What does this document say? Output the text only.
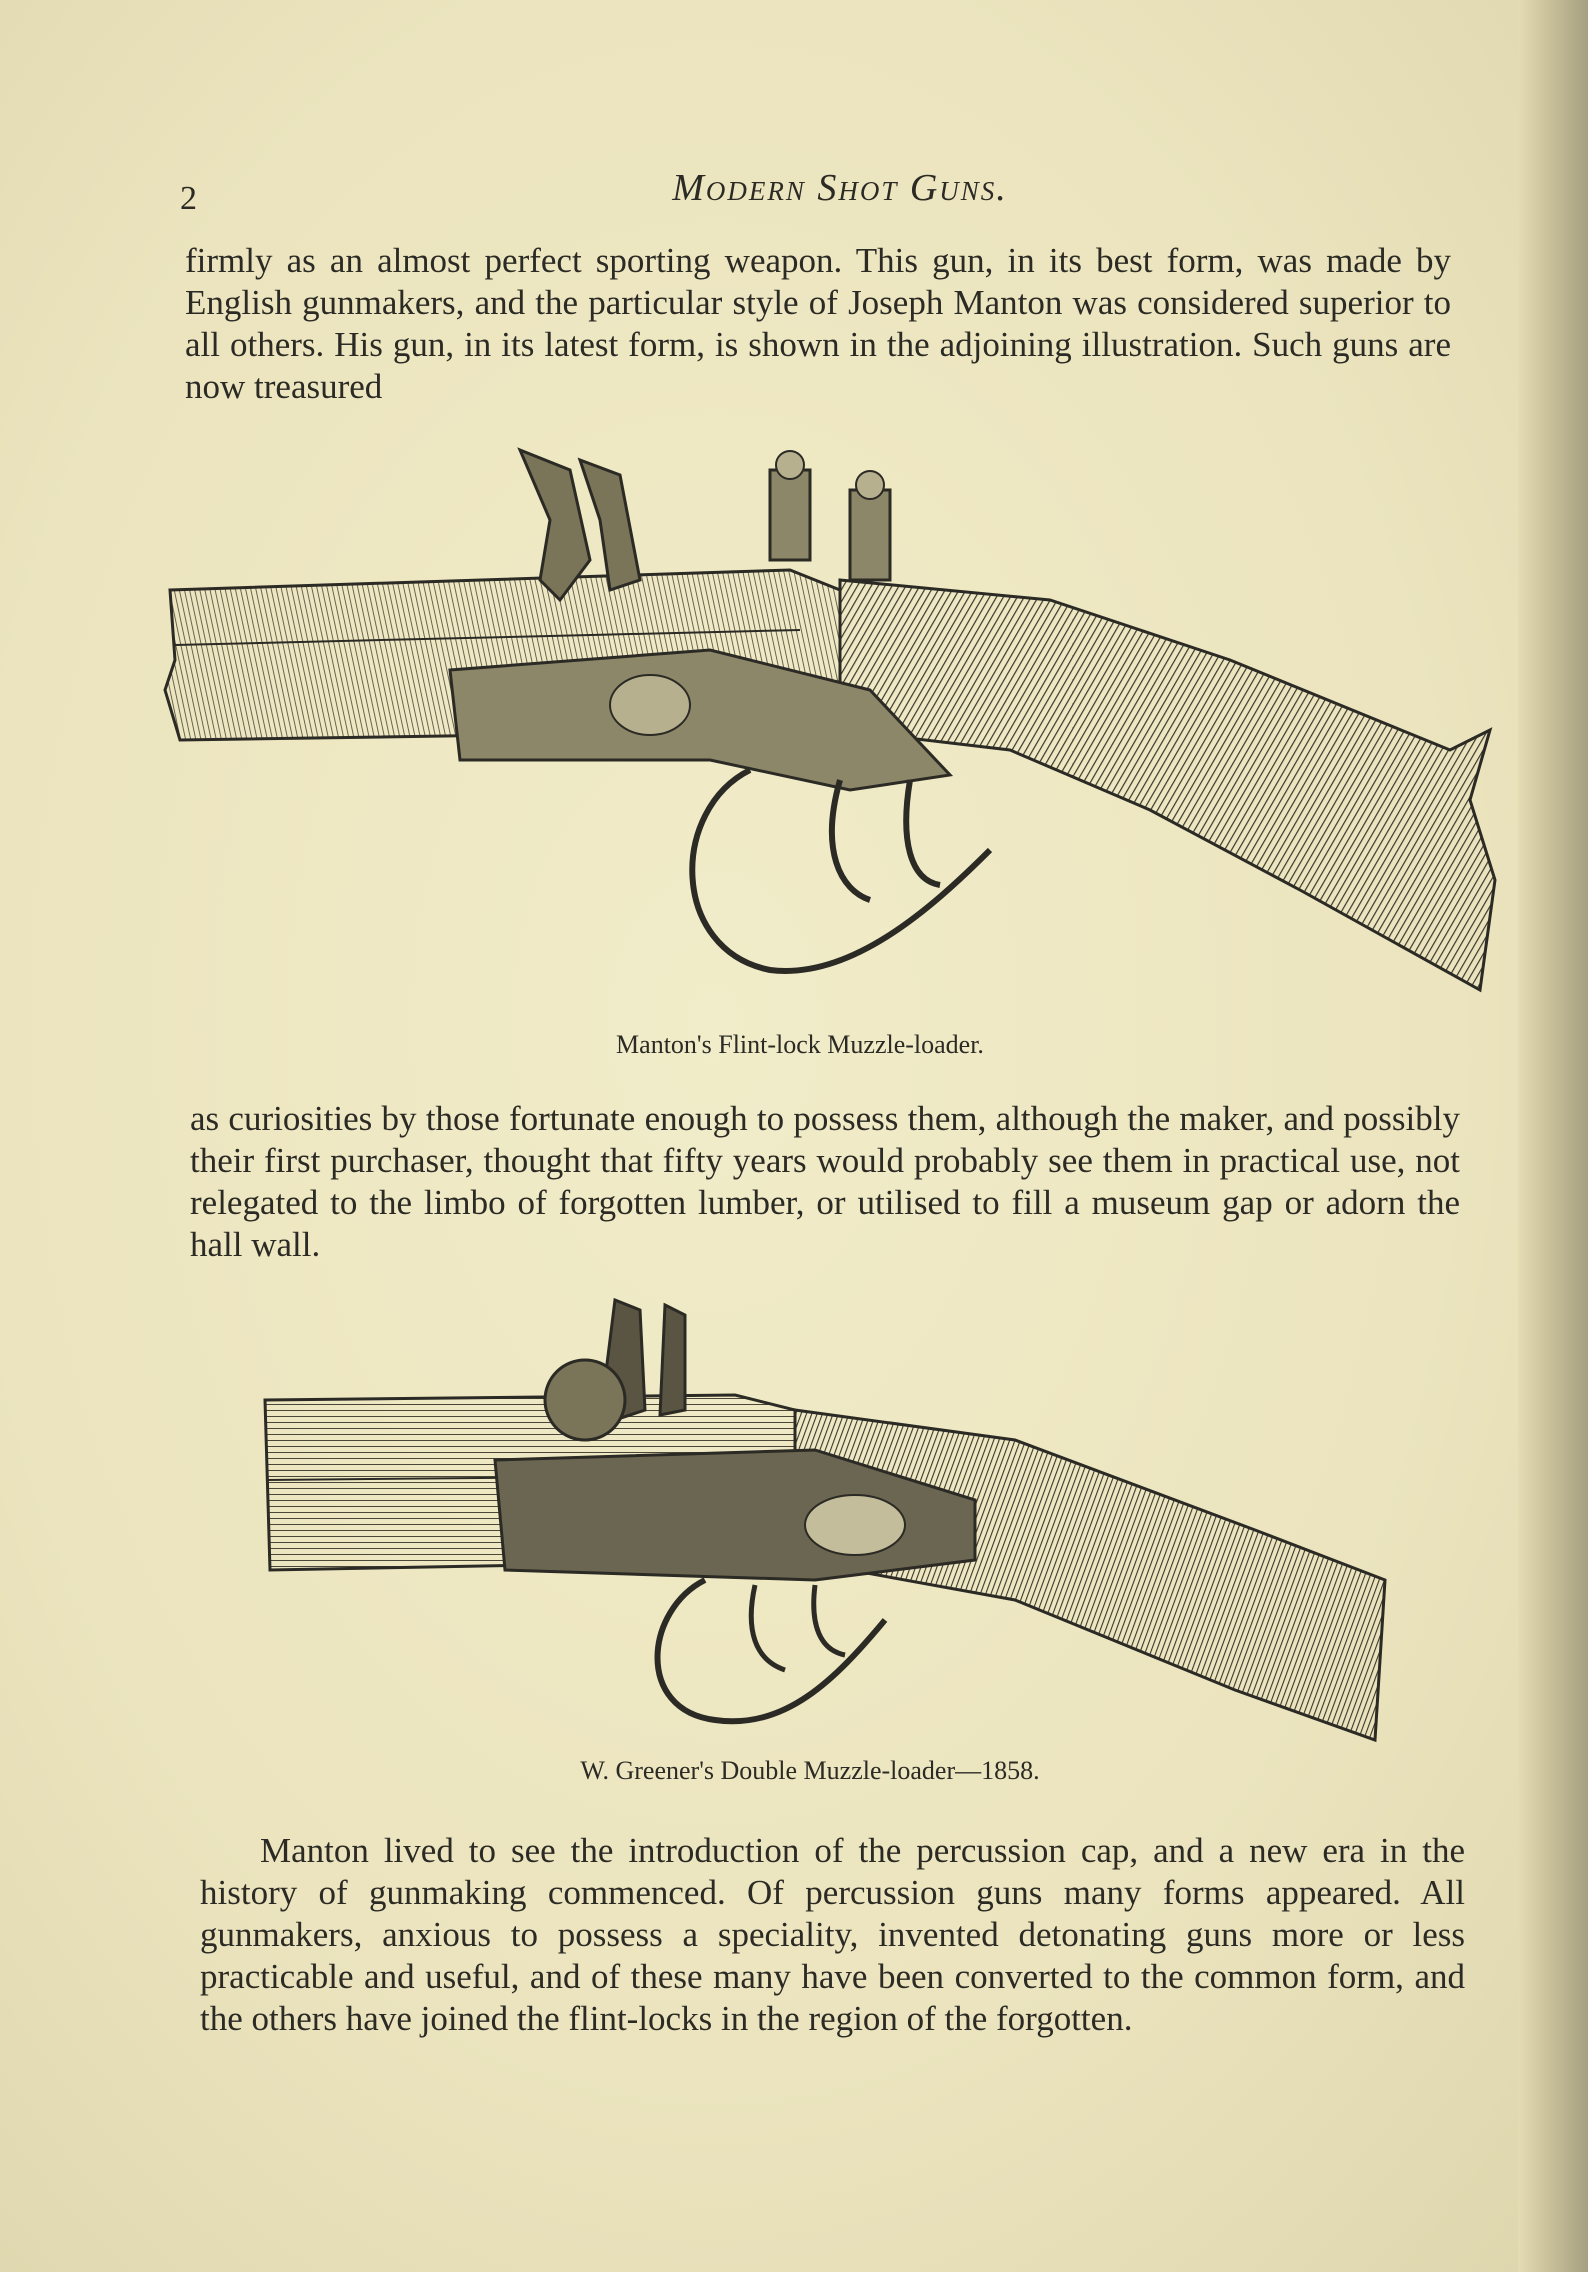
2	Modern Shot Guns.

firmly as an almost perfect sporting weapon. This gun, in its best form, was made by English gunmakers, and the particular style of Joseph Manton was considered superior to all others. His gun, in its latest form, is shown in the adjoining illustration. Such guns are now treasured

Manton's Flint-lock Muzzle-loader.

as curiosities by those fortunate enough to possess them, although the maker, and possibly their first purchaser, thought that fifty years would probably see them in practical use, not relegated to the limbo of forgotten lumber, or utilised to fill a museum gap or adorn the hall wall.

W. Greener's Double Muzzle-loader—1858.

Manton lived to see the introduction of the percussion cap, and a new era in the history of gunmaking commenced. Of percussion guns many forms appeared. All gunmakers, anxious to possess a speciality, invented detonating guns more or less practicable and useful, and of these many have been converted to the common form, and the others have joined the flint-locks in the region of the forgotten.
